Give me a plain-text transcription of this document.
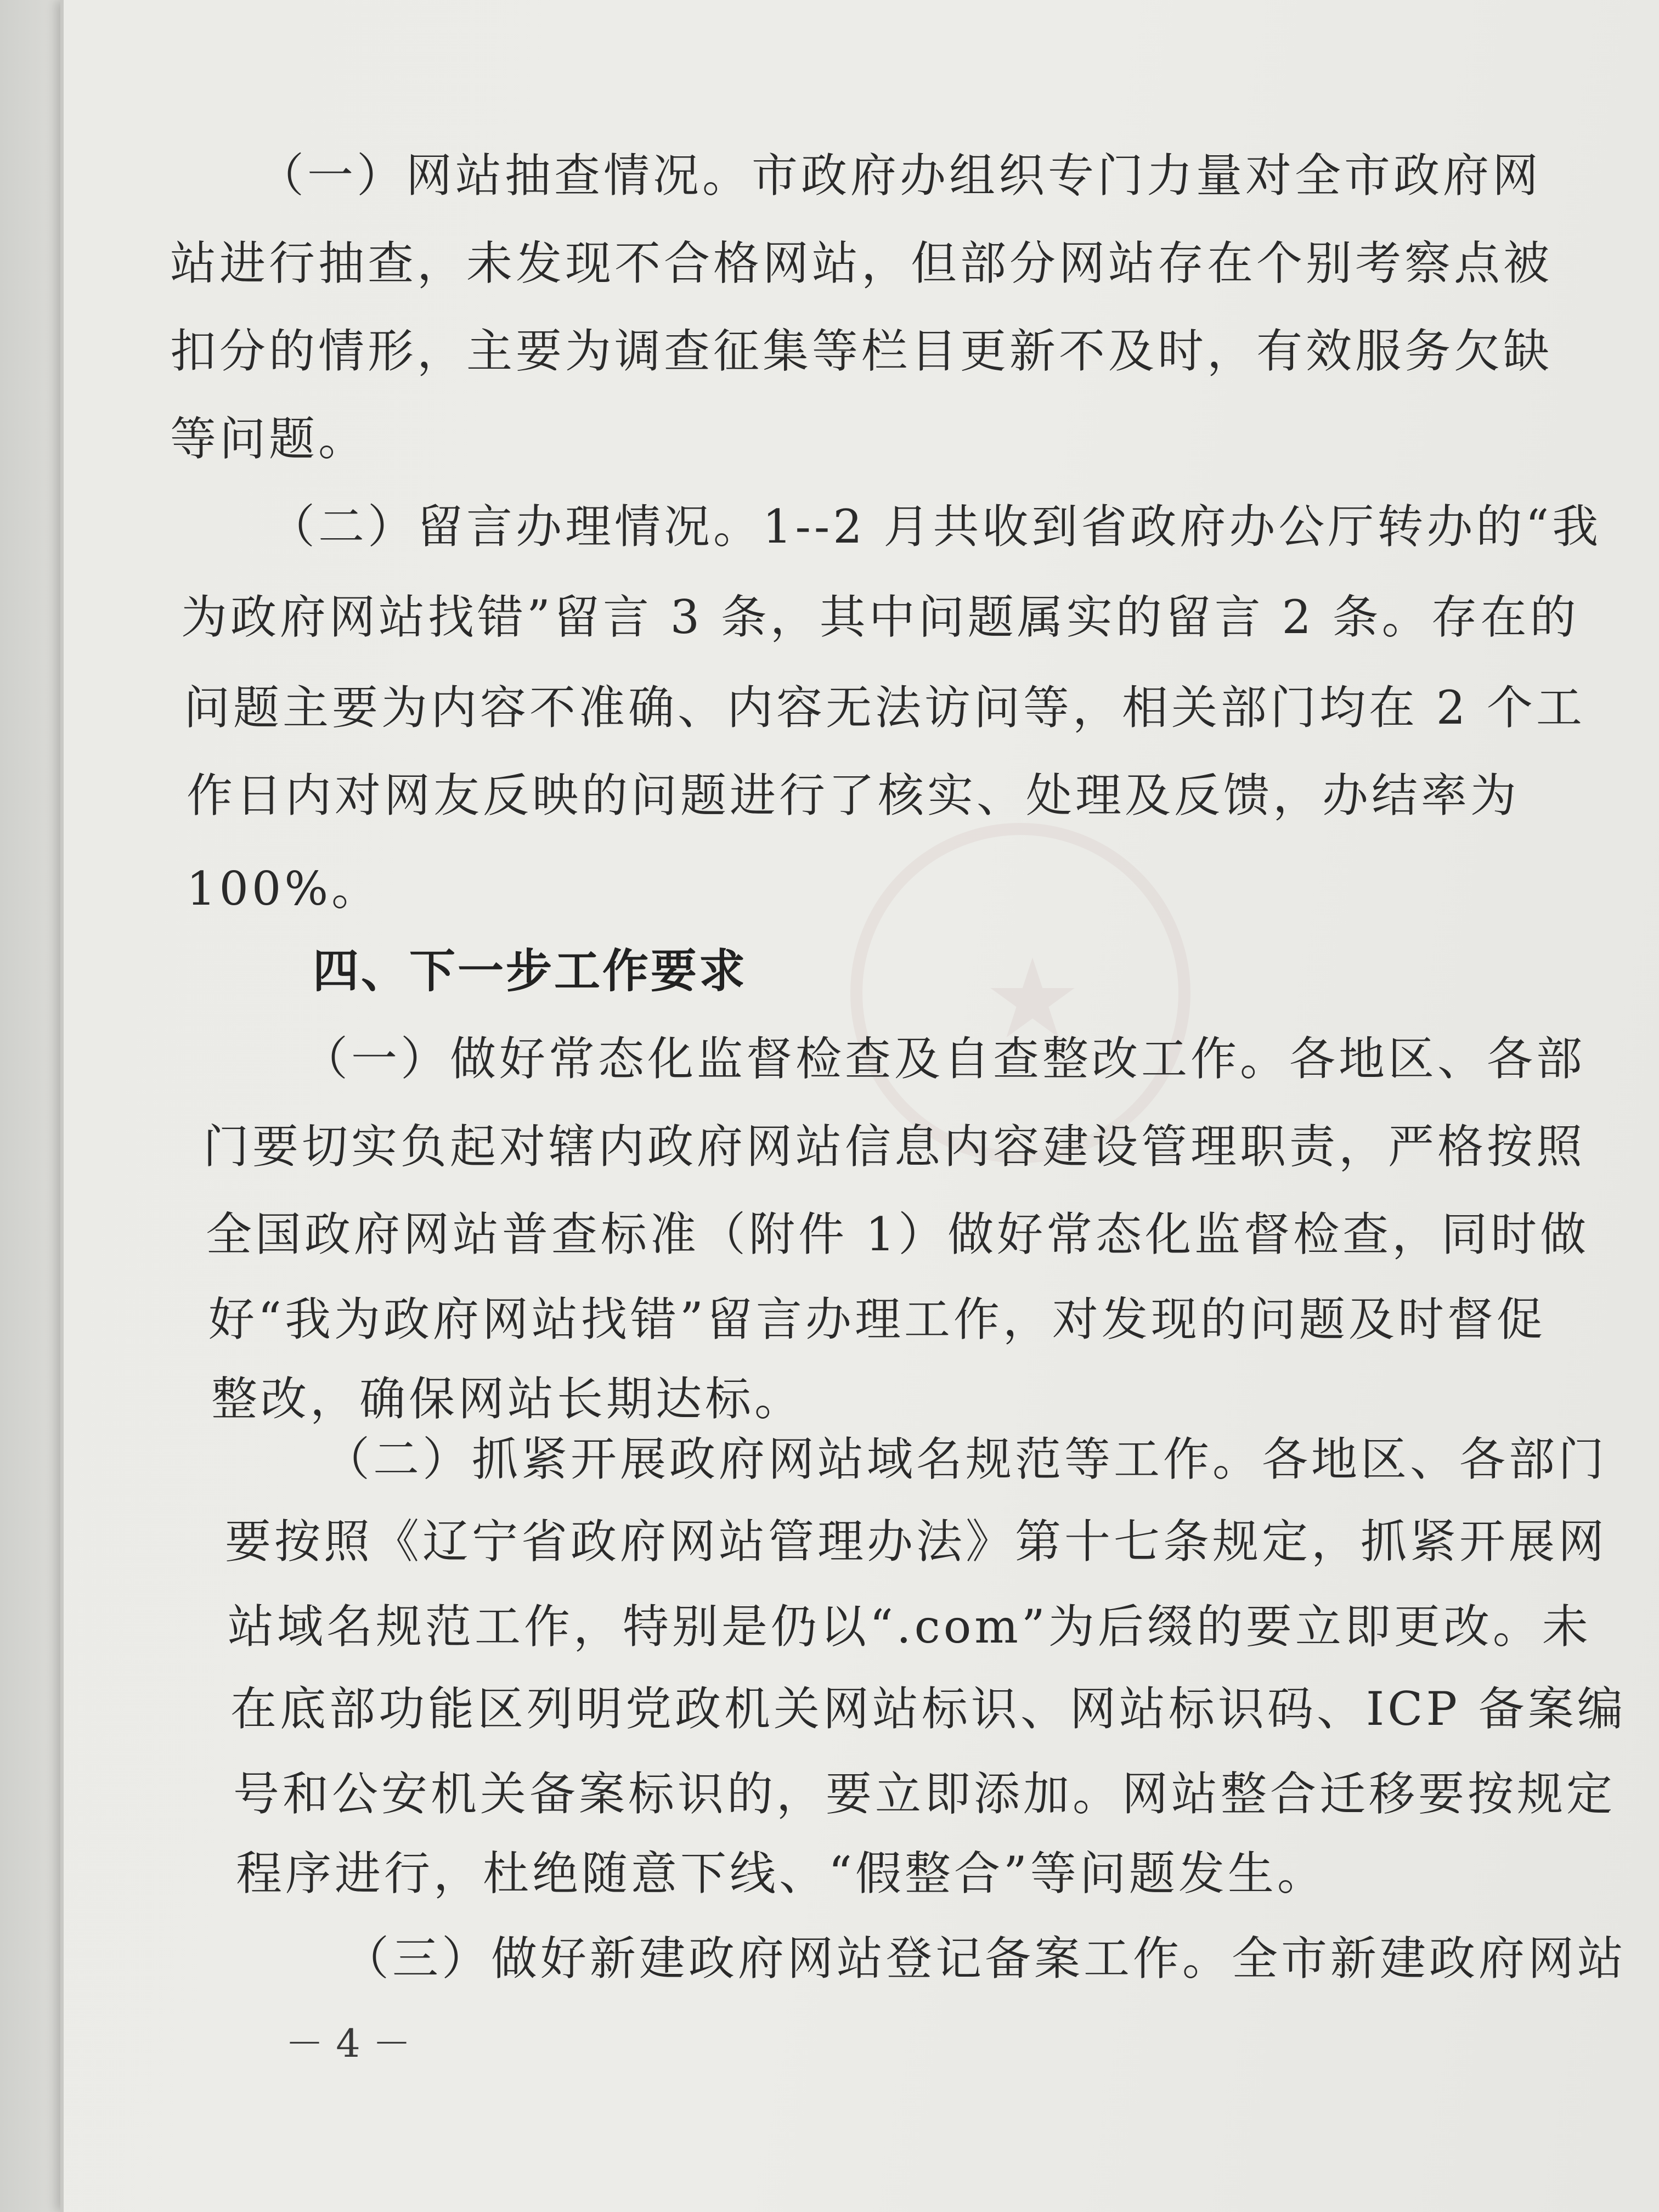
★
（一）网站抽查情况。市政府办组织专门力量对全市政府网
站进行抽查，未发现不合格网站，但部分网站存在个别考察点被
扣分的情形，主要为调查征集等栏目更新不及时，有效服务欠缺
等问题。
（二）留言办理情况。1--2 月共收到省政府办公厅转办的“我
为政府网站找错”留言 3 条，其中问题属实的留言 2 条。存在的
问题主要为内容不准确、内容无法访问等，相关部门均在 2 个工
作日内对网友反映的问题进行了核实、处理及反馈，办结率为
100%。
四、下一步工作要求
（一）做好常态化监督检查及自查整改工作。各地区、各部
门要切实负起对辖内政府网站信息内容建设管理职责，严格按照
全国政府网站普查标准（附件 1）做好常态化监督检查，同时做
好“我为政府网站找错”留言办理工作，对发现的问题及时督促
整改，确保网站长期达标。
（二）抓紧开展政府网站域名规范等工作。各地区、各部门
要按照《辽宁省政府网站管理办法》第十七条规定，抓紧开展网
站域名规范工作，特别是仍以“.com”为后缀的要立即更改。未
在底部功能区列明党政机关网站标识、网站标识码、ICP 备案编
号和公安机关备案标识的，要立即添加。网站整合迁移要按规定
程序进行，杜绝随意下线、“假整合”等问题发生。
（三）做好新建政府网站登记备案工作。全市新建政府网站
－ 4 －
